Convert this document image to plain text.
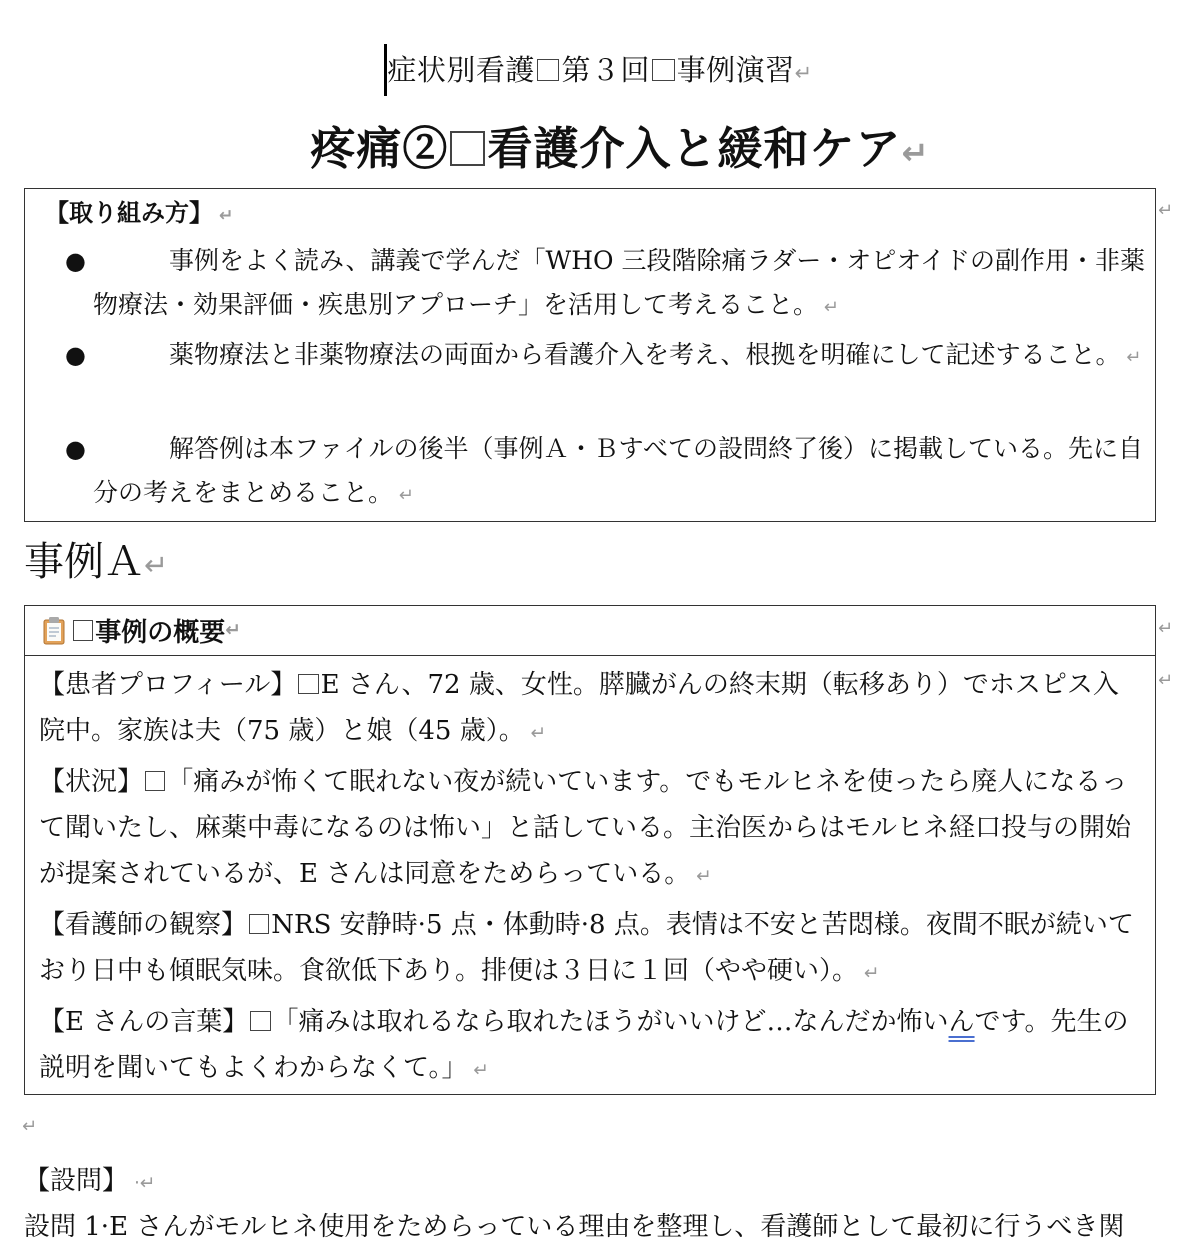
症状別看護 第３回 事例演習↵
疼痛② 看護介入と緩和ケア↵
【取り組み方】 ↵
●	事例をよく読み、講義で学んだ「WHO 三段階除痛ラダー・オピオイドの副作用・非薬物療法・効果評価・疾患別アプローチ」を活用して考えること。 ↵

●	薬物療法と非薬物療法の両面から看護介入を考え、根拠を明確にして記述すること。 ↵

●	解答例は本ファイルの後半（事例Ａ・Ｂすべての設問終了後）に掲載している。先に自分の考えをまとめること。 ↵

↵
事例Ａ↵
事例の概要 ↵

【患者プロフィール】 E さん、72 歳、女性。膵臓がんの終末期（転移あり）でホスピス入院中。家族は夫（75 歳）と娘（45 歳）。 ↵

【状況】 「痛みが怖くて眠れない夜が続いています。でもモルヒネを使ったら廃人になるって聞いたし、麻薬中毒になるのは怖い」と話している。主治医からはモルヒネ経口投与の開始が提案されているが、E さんは同意をためらっている。 ↵

【看護師の観察】 NRS 安静時·5 点・体動時·8 点。表情は不安と苦悶様。夜間不眠が続いており日中も傾眠気味。食欲低下あり。排便は３日に１回（やや硬い）。 ↵

【E さんの言葉】 「痛みは取れるなら取れたほうがいいけど…なんだか怖いんです。先生の説明を聞いてもよくわからなくて。」 ↵

↵
↵
↵
【設問】 ·↵
設問 1·E さんがモルヒネ使用をためらっている理由を整理し、看護師として最初に行うべき関
